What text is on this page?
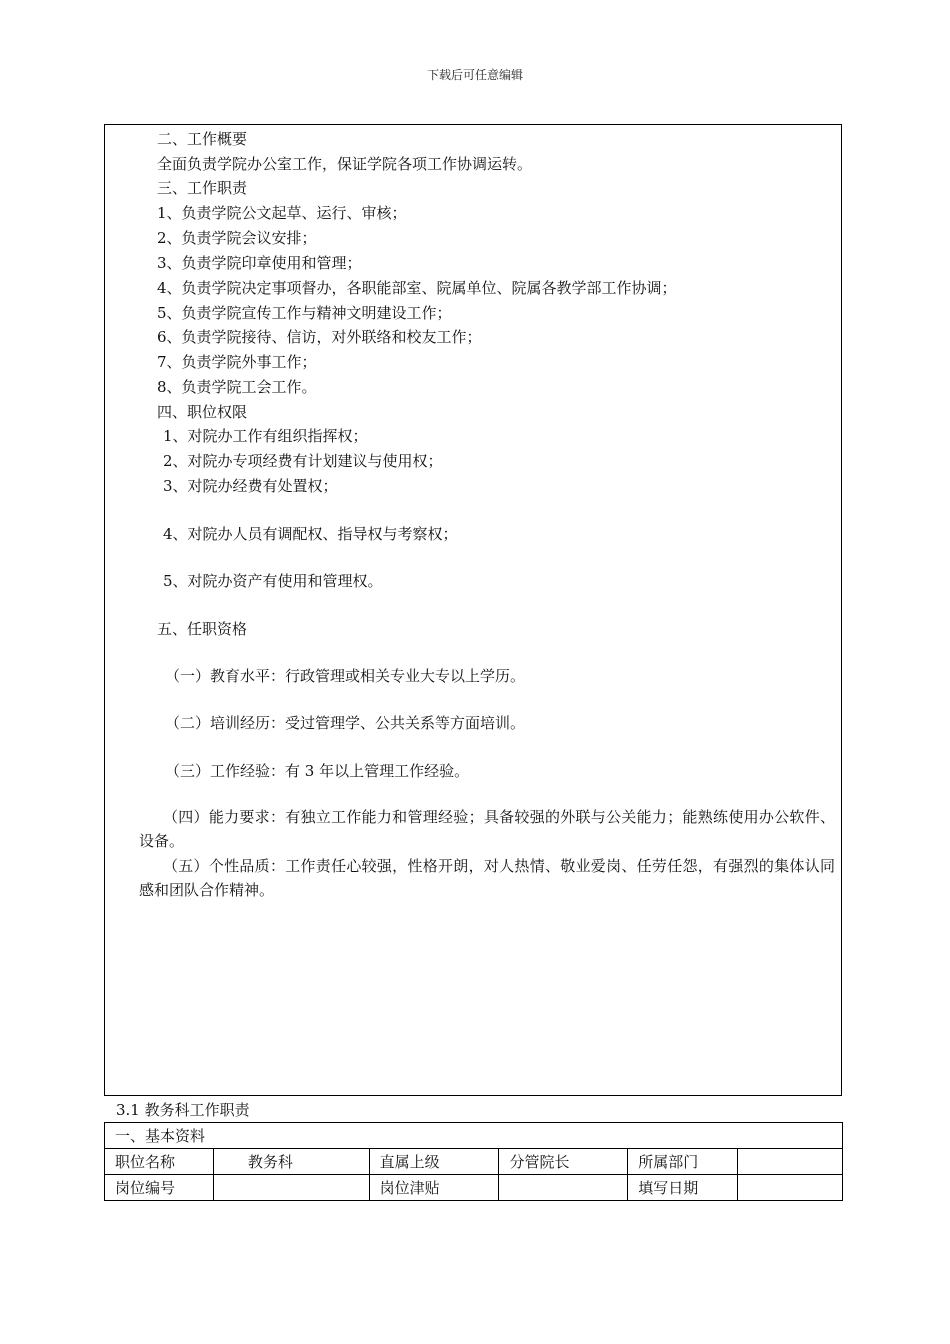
下载后可任意编辑
二、工作概要
全面负责学院办公室工作，保证学院各项工作协调运转。
三、工作职责
1、负责学院公文起草、运行、审核；
2、负责学院会议安排；
3、负责学院印章使用和管理；
4、负责学院决定事项督办，各职能部室、院属单位、院属各教学部工作协调；
5、负责学院宣传工作与精神文明建设工作；
6、负责学院接待、信访，对外联络和校友工作；
7、负责学院外事工作；
8、负责学院工会工作。
四、职位权限
1、对院办工作有组织指挥权；
2、对院办专项经费有计划建议与使用权；
3、对院办经费有处置权；
4、对院办人员有调配权、指导权与考察权；
5、对院办资产有使用和管理权。
五、任职资格
（一）教育水平：行政管理或相关专业大专以上学历。
（二）培训经历：受过管理学、公共关系等方面培训。
（三）工作经验：有 3 年以上管理工作经验。
（四）能力要求：有独立工作能力和管理经验；具备较强的外联与公关能力；能熟练使用办公软件、设备。
（五）个性品质：工作责任心较强，性格开朗，对人热情、敬业爱岗、任劳任怨，有强烈的集体认同感和团队合作精神。
3.1 教务科工作职责
一、基本资料					
职位名称	教务科	直属上级	分管院长	所属部门	
岗位编号		岗位津贴		填写日期	
